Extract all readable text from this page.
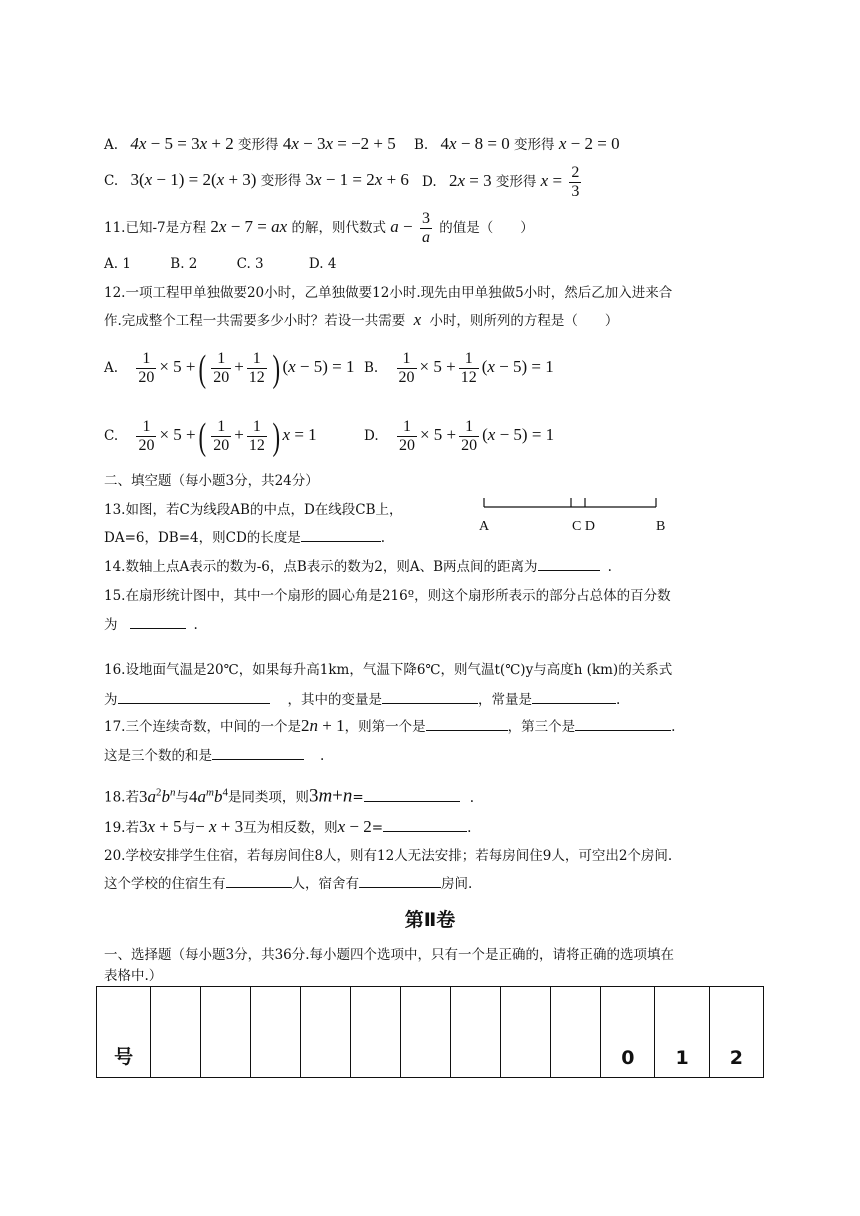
A. 4x − 5 = 3x + 2 变形得 4x − 3x = −2 + 5 B. 4x − 8 = 0 变形得 x − 2 = 0
C. 3(x − 1) = 2(x + 3) 变形得 3x − 1 = 2x + 6 D. 2x = 3 变形得 $x = \frac{2}{3}$
11.已知-7是方程 2x − 7 = ax 的解，则代数式 $a - \frac{3}{a}$ 的值是（　　）
A. 1	B. 2	C. 3	D. 4
12.一项工程甲单独做要20小时，乙单独做要12小时.现先由甲单独做5小时，然后乙加入进来合
作.完成整个工程一共需要多少小时？若设一共需要 x 小时，则所列的方程是（　　）
A. $\frac{1}{20} \times 5$ +( $\frac{1}{20} + \frac{1}{12}$ ) (x − 5) = 1 B. $\frac{1}{20} \times 5 + \frac{1}{12} (x - 5) = 1$
C. $\frac{1}{20} \times 5$ +( $\frac{1}{20} + \frac{1}{12}$ ) x = 1	D. $\frac{1}{20} \times 5 + \frac{1}{20} (x - 5) = 1$
二、填空题（每小题3分，共24分）
13.如图，若C为线段AB的中点，D在线段CB上，
DA=6，DB=4，则CD的长度是	.
A	C D	B
14.数轴上点A表示的数为-6，点B表示的数为2，则A、B两点间的距离为	.
15.在扇形统计图中，其中一个扇形的圆心角是216º，则这个扇形所表示的部分占总体的百分数
为	.
16.设地面气温是20℃，如果每升高1km，气温下降6℃，则气温t(℃)y与高度h (km)的关系式
为	，其中的变量是	，常量是	.
17.三个连续奇数，中间的一个是2n + 1，则第一个是	，第三个是	.
这是三个数的和是	.
18.若$3a^2b^n$与$4a^mb^4$是同类项，则3m+n=	.
19.若3x + 5与− x + 3互为相反数，则x − 2=	.
20.学校安排学生住宿，若每房间住8人，则有12人无法安排；若每房间住9人，可空出2个房间.
这个学校的住宿生有	人，宿舍有	房间.
第Ⅱ卷
一、选择题（每小题3分，共36分.每小题四个选项中，只有一个是正确的，请将正确的选项填在
表格中.）
号										0	1	2
